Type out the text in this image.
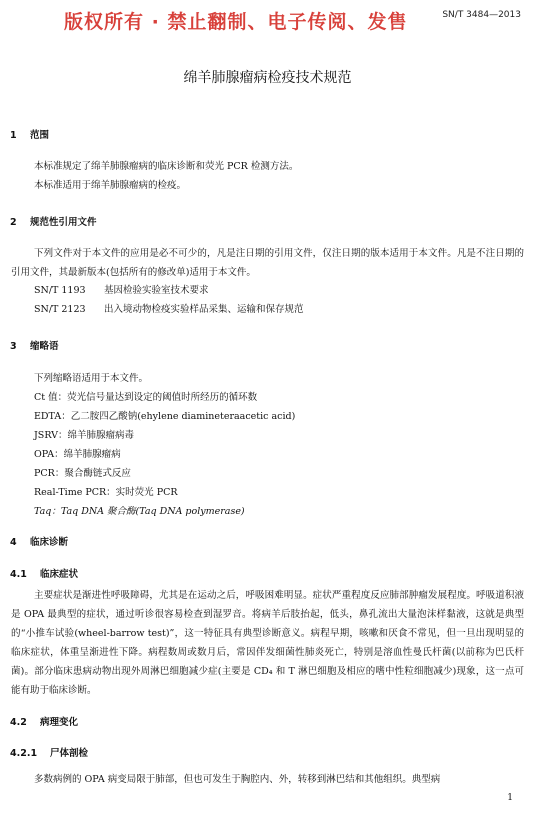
版权所有 · 禁止翻制、电子传阅、发售	SN/T 3484—2013
绵羊肺腺瘤病检疫技术规范
1 范围
本标准规定了绵羊肺腺瘤病的临床诊断和荧光 PCR 检测方法。
本标准适用于绵羊肺腺瘤病的检疫。
2 规范性引用文件
下列文件对于本文件的应用是必不可少的，凡是注日期的引用文件，仅注日期的版本适用于本文件。凡是不注日期的引用文件，其最新版本(包括所有的修改单)适用于本文件。
SN/T 1193 基因检验实验室技术要求
SN/T 2123 出入境动物检疫实验样品采集、运输和保存规范
3 缩略语
下列缩略语适用于本文件。
Ct 值：荧光信号量达到设定的阈值时所经历的循环数
EDTA：乙二胺四乙酸钠(ehylene diamineteraacetic acid)
JSRV：绵羊肺腺瘤病毒
OPA：绵羊肺腺瘤病
PCR：聚合酶链式反应
Real-Time PCR：实时荧光 PCR
Taq：Taq DNA 聚合酶(Taq DNA polymerase)
4 临床诊断
4.1 临床症状
主要症状是渐进性呼吸障碍，尤其是在运动之后，呼吸困难明显。症状严重程度反应肺部肿瘤发展程度。呼吸道积液是 OPA 最典型的症状，通过听诊很容易检查到湿罗音。将病羊后肢抬起，低头，鼻孔流出大量泡沫样黏液，这就是典型的“小推车试验(wheel-barrow test)”，这一特征具有典型诊断意义。病程早期，咳嗽和厌食不常见，但一旦出现明显的临床症状，体重呈渐进性下降。病程数周或数月后，常因伴发细菌性肺炎死亡，特别是溶血性曼氏杆菌(以前称为巴氏杆菌)。部分临床患病动物出现外周淋巴细胞减少症(主要是 CD₄ 和 T 淋巴细胞及相应的嗜中性粒细胞减少)现象，这一点可能有助于临床诊断。
4.2 病理变化
4.2.1 尸体剖检
多数病例的 OPA 病变局限于肺部，但也可发生于胸腔内、外，转移到淋巴结和其他组织。典型病
1
